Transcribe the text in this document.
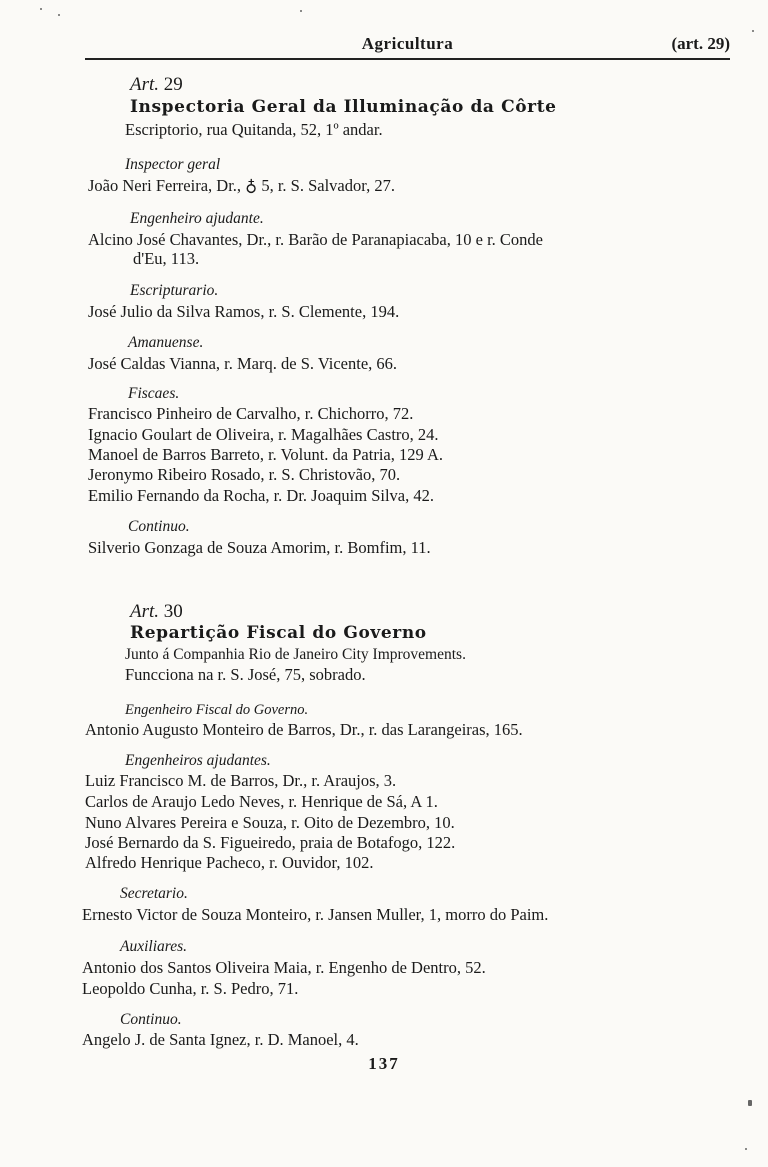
Agricultura	(art. 29)
Art. 29
Inspectoria Geral da Illuminação da Côrte
Escriptorio, rua Quitanda, 52, 1º andar.
Inspector geral
João Neri Ferreira, Dr., ♁ 5, r. S. Salvador, 27.
Engenheiro ajudante.
Alcino José Chavantes, Dr., r. Barão de Paranapiacaba, 10 e r. Conde
d'Eu, 113.
Escripturario.
José Julio da Silva Ramos, r. S. Clemente, 194.
Amanuense.
José Caldas Vianna, r. Marq. de S. Vicente, 66.
Fiscaes.
Francisco Pinheiro de Carvalho, r. Chichorro, 72.
Ignacio Goulart de Oliveira, r. Magalhães Castro, 24.
Manoel de Barros Barreto, r. Volunt. da Patria, 129 A.
Jeronymo Ribeiro Rosado, r. S. Christovão, 70.
Emilio Fernando da Rocha, r. Dr. Joaquim Silva, 42.
Continuo.
Silverio Gonzaga de Souza Amorim, r. Bomfim, 11.
Art. 30
Repartição Fiscal do Governo
Junto á Companhia Rio de Janeiro City Improvements.
Funcciona na r. S. José, 75, sobrado.
Engenheiro Fiscal do Governo.
Antonio Augusto Monteiro de Barros, Dr., r. das Larangeiras, 165.
Engenheiros ajudantes.
Luiz Francisco M. de Barros, Dr., r. Araujos, 3.
Carlos de Araujo Ledo Neves, r. Henrique de Sá, A 1.
Nuno Alvares Pereira e Souza, r. Oito de Dezembro, 10.
José Bernardo da S. Figueiredo, praia de Botafogo, 122.
Alfredo Henrique Pacheco, r. Ouvidor, 102.
Secretario.
Ernesto Victor de Souza Monteiro, r. Jansen Muller, 1, morro do Paim.
Auxiliares.
Antonio dos Santos Oliveira Maia, r. Engenho de Dentro, 52.
Leopoldo Cunha, r. S. Pedro, 71.
Continuo.
Angelo J. de Santa Ignez, r. D. Manoel, 4.
137
